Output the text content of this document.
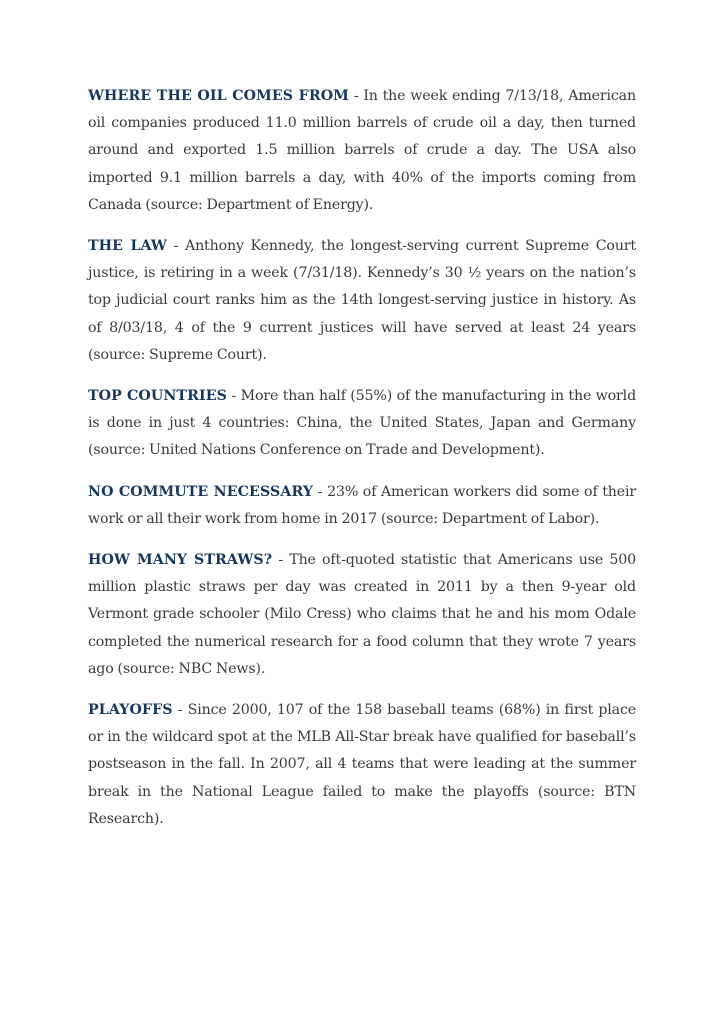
WHERE THE OIL COMES FROM - In the week ending 7/13/18, American oil companies produced 11.0 million barrels of crude oil a day, then turned around and exported 1.5 million barrels of crude a day. The USA also imported 9.1 million barrels a day, with 40% of the imports coming from Canada (source: Department of Energy).

THE LAW - Anthony Kennedy, the longest-serving current Supreme Court justice, is retiring in a week (7/31/18). Kennedy’s 30 ½ years on the nation’s top judicial court ranks him as the 14th longest-serving justice in history. As of 8/03/18, 4 of the 9 current justices will have served at least 24 years (source: Supreme Court).

TOP COUNTRIES - More than half (55%) of the manufacturing in the world is done in just 4 countries: China, the United States, Japan and Germany (source: United Nations Conference on Trade and Development).

NO COMMUTE NECESSARY - 23% of American workers did some of their work or all their work from home in 2017 (source: Department of Labor).

HOW MANY STRAWS? - The oft-quoted statistic that Americans use 500 million plastic straws per day was created in 2011 by a then 9-year old Vermont grade schooler (Milo Cress) who claims that he and his mom Odale completed the numerical research for a food column that they wrote 7 years ago (source: NBC News).

PLAYOFFS - Since 2000, 107 of the 158 baseball teams (68%) in first place or in the wildcard spot at the MLB All-Star break have qualified for baseball’s postseason in the fall. In 2007, all 4 teams that were leading at the summer break in the National League failed to make the playoffs (source: BTN Research).
